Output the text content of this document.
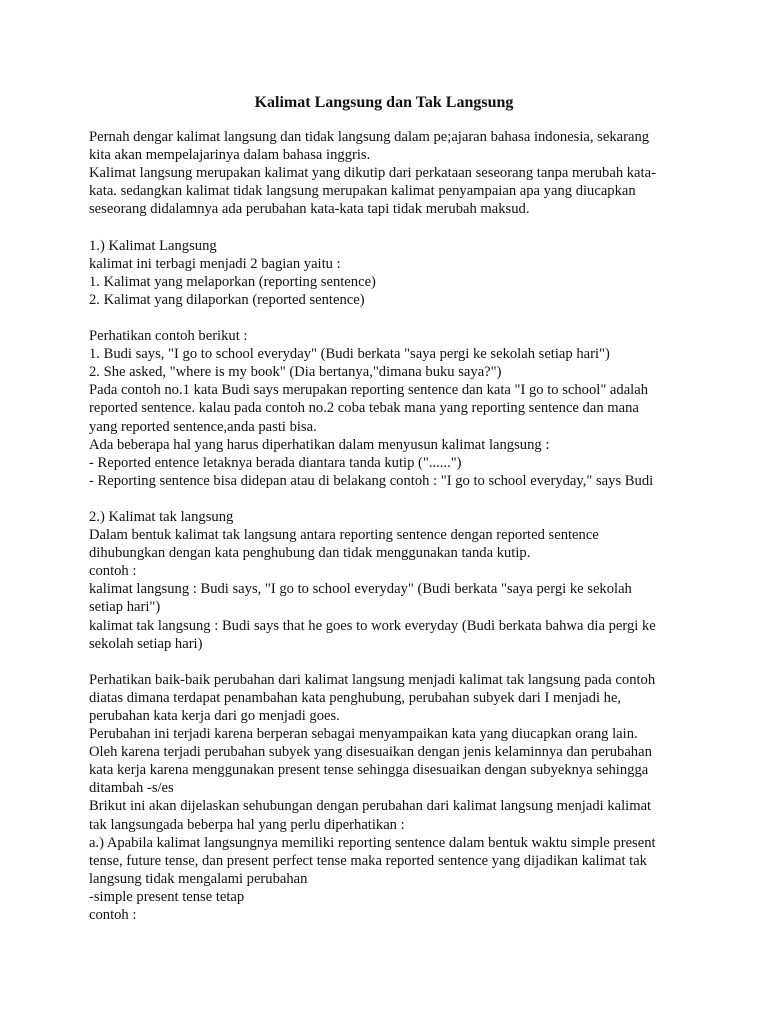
Kalimat Langsung dan Tak Langsung
Pernah dengar kalimat langsung dan tidak langsung dalam pe;ajaran bahasa indonesia, sekarang
kita akan mempelajarinya dalam bahasa inggris.
Kalimat langsung merupakan kalimat yang dikutip dari perkataan seseorang tanpa merubah kata-
kata. sedangkan kalimat tidak langsung merupakan kalimat penyampaian apa yang diucapkan
seseorang didalamnya ada perubahan kata-kata tapi tidak merubah maksud.
1.) Kalimat Langsung
kalimat ini terbagi menjadi 2 bagian yaitu :
1. Kalimat yang melaporkan (reporting sentence)
2. Kalimat yang dilaporkan (reported sentence)
Perhatikan contoh berikut :
1. Budi says, "I go to school everyday" (Budi berkata "saya pergi ke sekolah setiap hari")
2. She asked, "where is my book" (Dia bertanya,"dimana buku saya?")
Pada contoh no.1 kata Budi says merupakan reporting sentence dan kata "I go to school" adalah
reported sentence. kalau pada contoh no.2 coba tebak mana yang reporting sentence dan mana
yang reported sentence,anda pasti bisa.
Ada beberapa hal yang harus diperhatikan dalam menyusun kalimat langsung :
- Reported entence letaknya berada diantara tanda kutip ("......")
- Reporting sentence bisa didepan atau di belakang contoh : "I go to school everyday," says Budi
2.) Kalimat tak langsung
Dalam bentuk kalimat tak langsung antara reporting sentence dengan reported sentence
dihubungkan dengan kata penghubung dan tidak menggunakan tanda kutip.
contoh :
kalimat langsung : Budi says, "I go to school everyday" (Budi berkata "saya pergi ke sekolah
setiap hari")
kalimat tak langsung : Budi says that he goes to work everyday (Budi berkata bahwa dia pergi ke
sekolah setiap hari)
Perhatikan baik-baik perubahan dari kalimat langsung menjadi kalimat tak langsung pada contoh
diatas dimana terdapat penambahan kata penghubung, perubahan subyek dari I menjadi he,
perubahan kata kerja dari go menjadi goes.
Perubahan ini terjadi karena berperan sebagai menyampaikan kata yang diucapkan orang lain.
Oleh karena terjadi perubahan subyek yang disesuaikan dengan jenis kelaminnya dan perubahan
kata kerja karena menggunakan present tense sehingga disesuaikan dengan subyeknya sehingga
ditambah -s/es
Brikut ini akan dijelaskan sehubungan dengan perubahan dari kalimat langsung menjadi kalimat
tak langsungada beberpa hal yang perlu diperhatikan :
a.) Apabila kalimat langsungnya memiliki reporting sentence dalam bentuk waktu simple present
tense, future tense, dan present perfect tense maka reported sentence yang dijadikan kalimat tak
langsung tidak mengalami perubahan
-simple present tense tetap
contoh :
